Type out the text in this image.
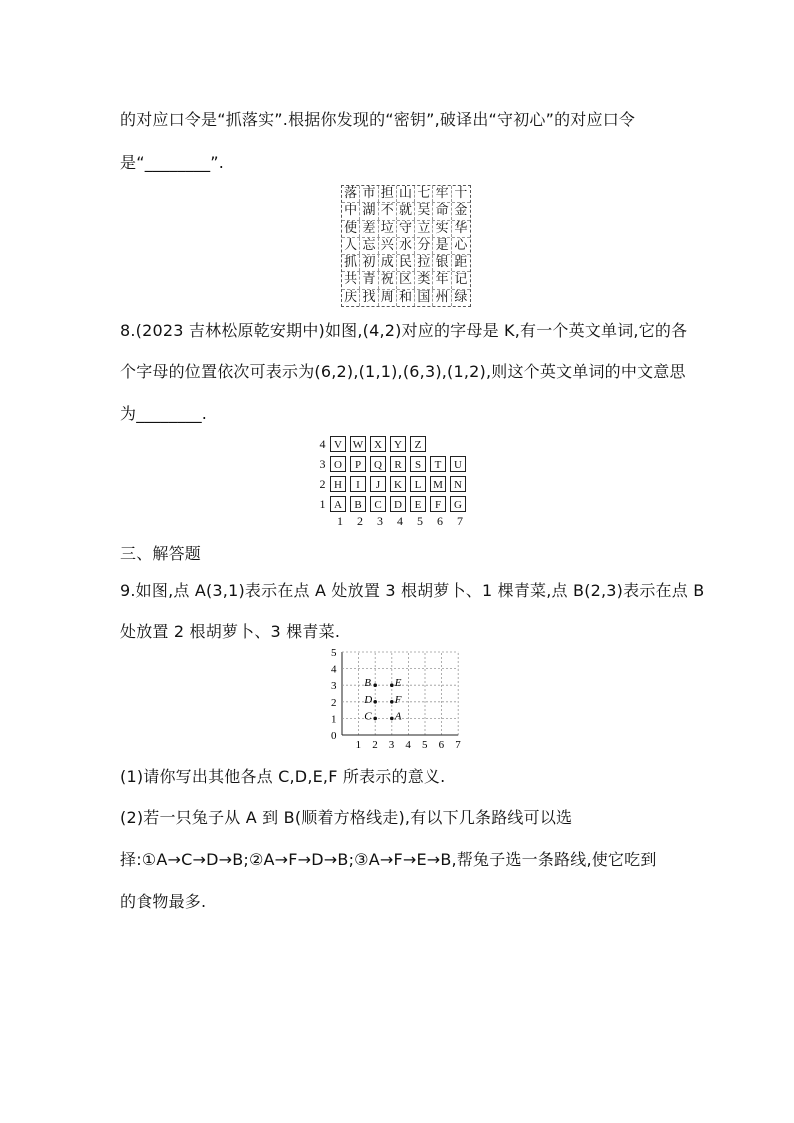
的对应口令是“抓落实”.根据你发现的“密钥”,破译出“守初心”的对应口令
是“________”.
落 市 担 山 七 牢 十
中 湖 不 就 吴 命 金
使 差 垃 守 立 实 华
人 忘 兴 水 分 是 心
抓 初 成 民 拉 银 距
共 青 祝 区 类 年 记
庆 找 周 和 国 州 绿
8.(2023 吉林松原乾安期中)如图,(4,2)对应的字母是 K,有一个英文单词,它的各
个字母的位置依次可表示为(6,2),(1,1),(6,3),(1,2),则这个英文单词的中文意思
为________.
4 V W X	Y	Z
3 O	P	Q	R	S	T	U
2 H	I	J	K	L	M	N
1 A	B	C	D	E	F	G
1	2	3	4	5	6	7
三、解答题
9.如图,点 A(3,1)表示在点 A 处放置 3 根胡萝卜、1 棵青菜,点 B(2,3)表示在点 B
处放置 2 根胡萝卜、3 棵青菜.
0
1 2 3 4 5 6 7
1
2
3
4
5
B E
D F
C A
(1)请你写出其他各点 C,D,E,F 所表示的意义.
(2)若一只兔子从 A 到 B(顺着方格线走),有以下几条路线可以选
择:①A→C→D→B;②A→F→D→B;③A→F→E→B,帮兔子选一条路线,使它吃到
的食物最多.
